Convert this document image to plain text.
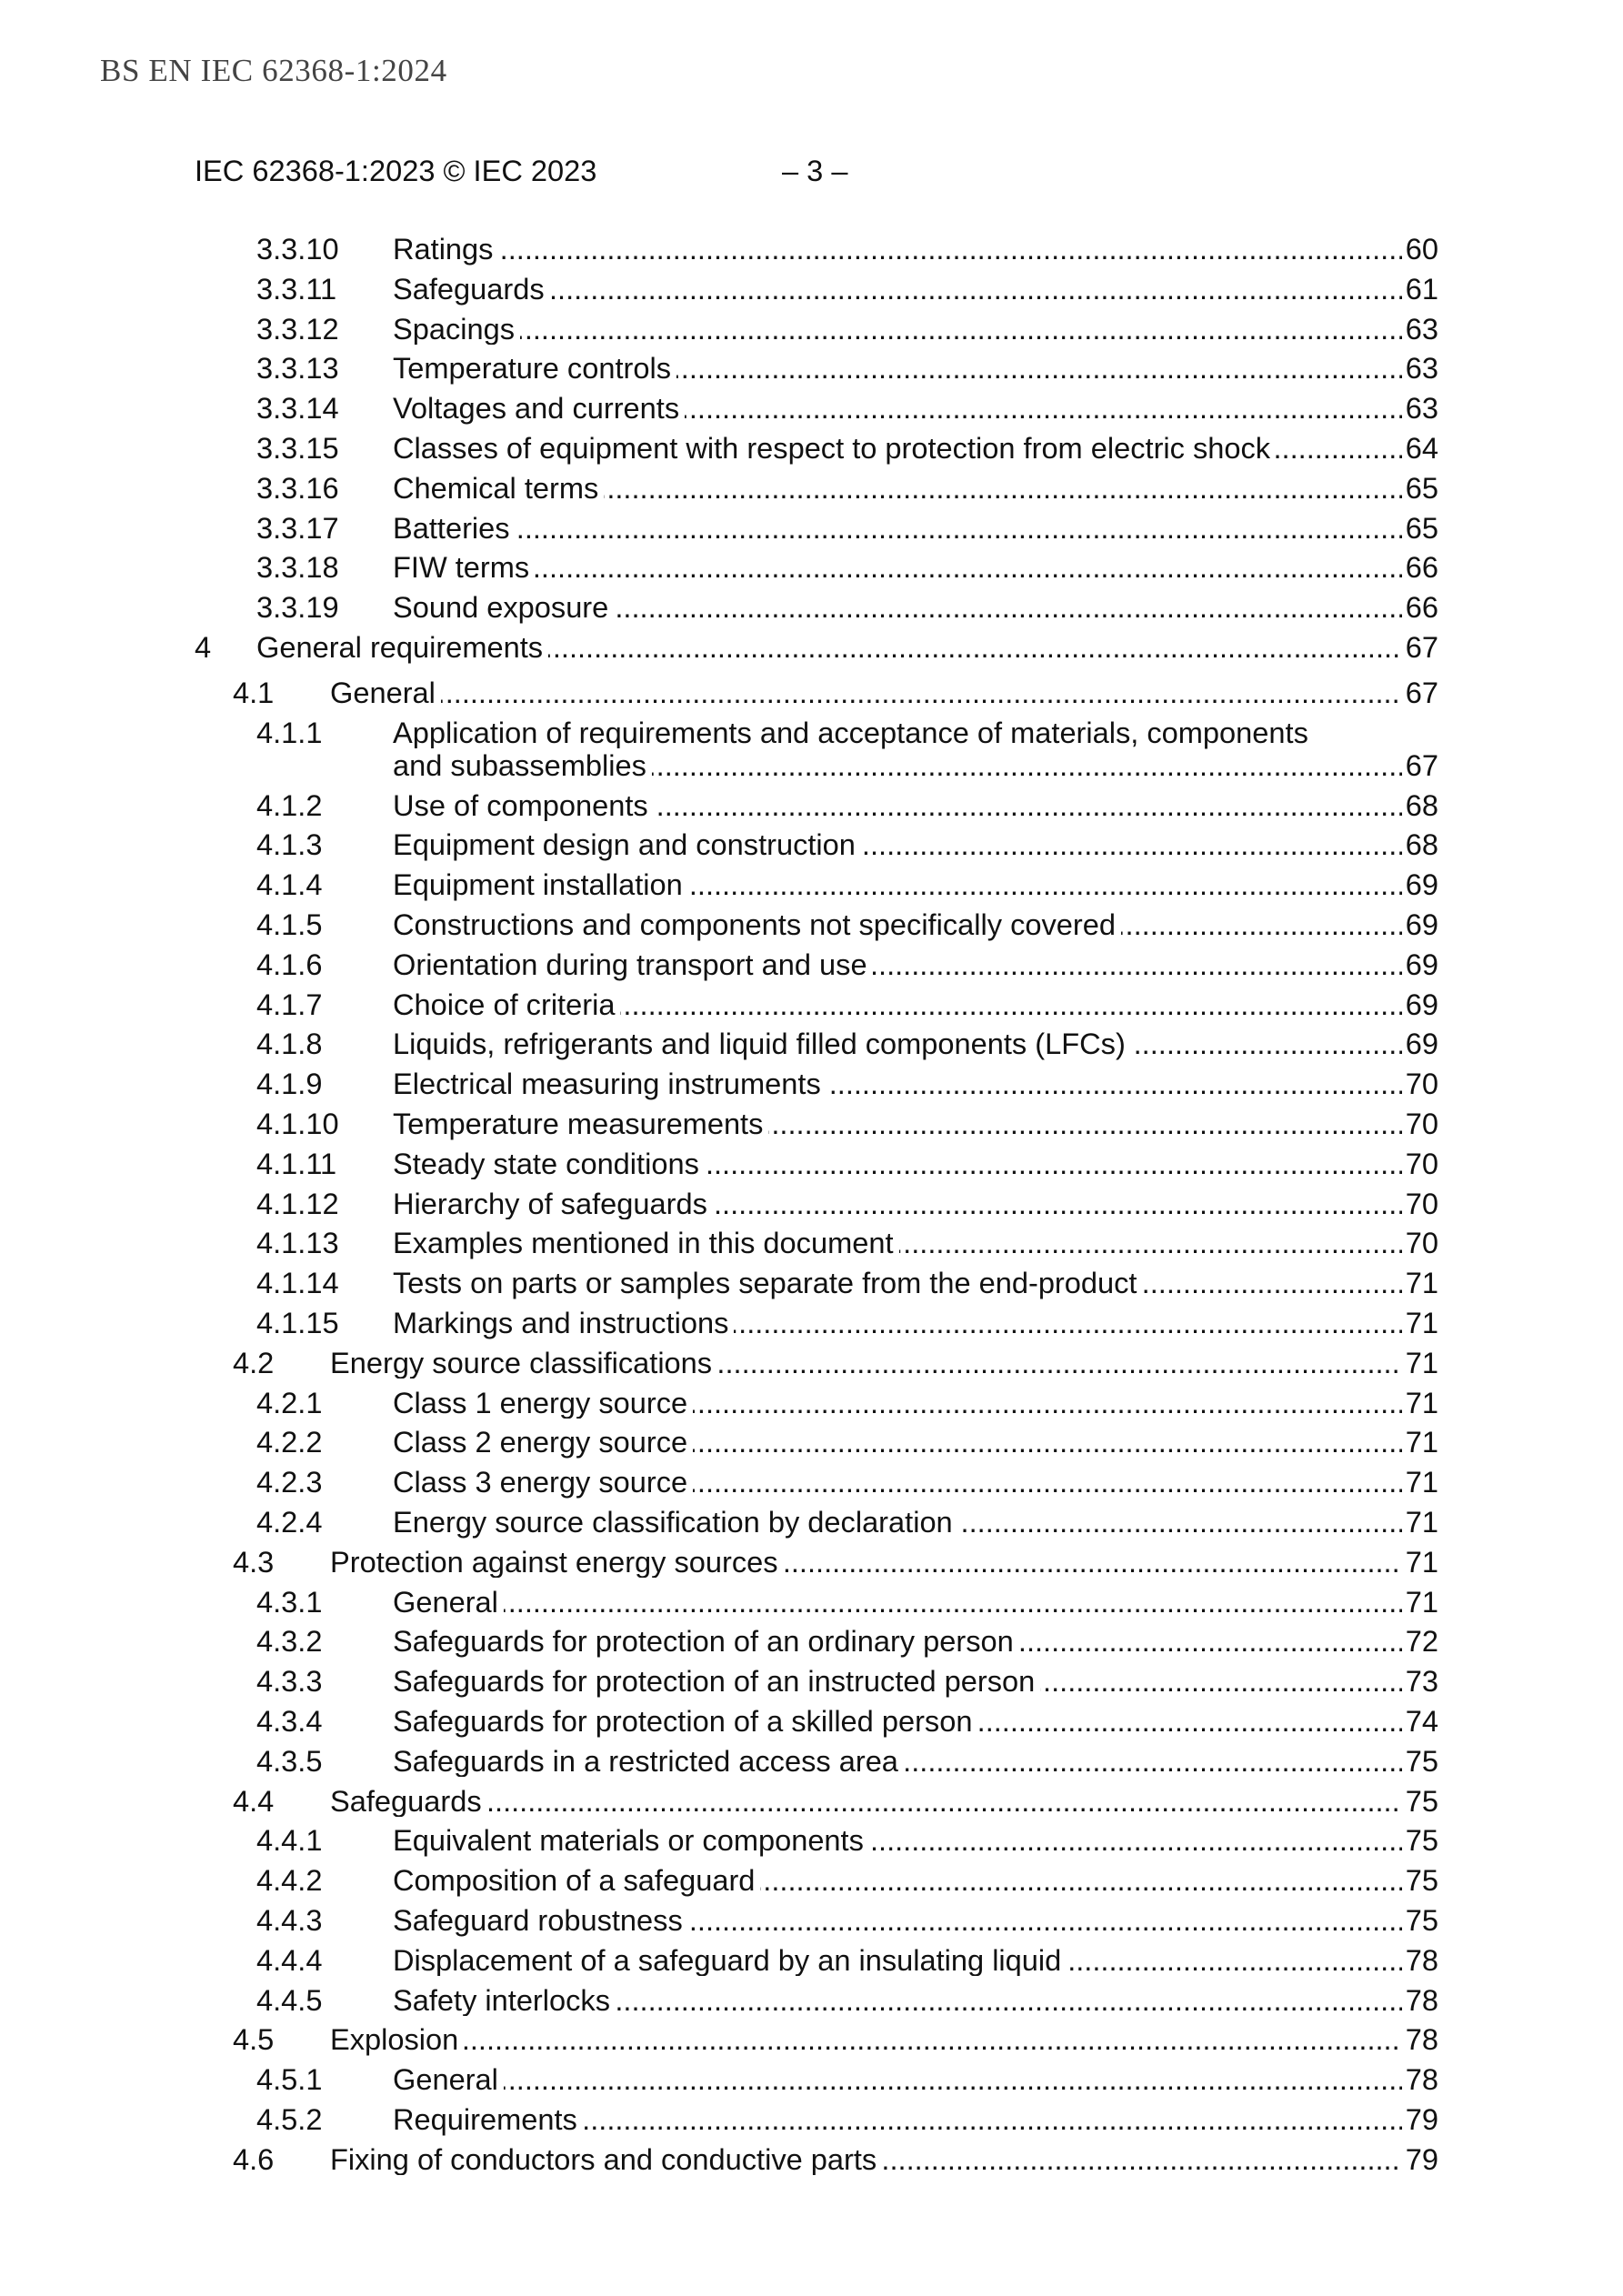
BS EN IEC 62368-1:2024
IEC 62368-1:2023 © IEC 2023	– 3 –
3.3.10	Ratings .....	60
3.3.11	Safeguards .....	61
3.3.12	Spacings .....	63
3.3.13	Temperature controls .....	63
3.3.14	Voltages and currents .....	63
3.3.15	Classes of equipment with respect to protection from electric shock .....	64
3.3.16	Chemical terms .....	65
3.3.17	Batteries .....	65
3.3.18	FIW terms .....	66
3.3.19	Sound exposure .....	66
4	General requirements .....	67
4.1	General .....	67
4.1.1	Application of requirements and acceptance of materials, components and subassemblies .....	67
4.1.2	Use of components .....	68
4.1.3	Equipment design and construction .....	68
4.1.4	Equipment installation .....	69
4.1.5	Constructions and components not specifically covered .....	69
4.1.6	Orientation during transport and use .....	69
4.1.7	Choice of criteria .....	69
4.1.8	Liquids, refrigerants and liquid filled components (LFCs) .....	69
4.1.9	Electrical measuring instruments .....	70
4.1.10	Temperature measurements .....	70
4.1.11	Steady state conditions .....	70
4.1.12	Hierarchy of safeguards .....	70
4.1.13	Examples mentioned in this document .....	70
4.1.14	Tests on parts or samples separate from the end-product .....	71
4.1.15	Markings and instructions .....	71
4.2	Energy source classifications .....	71
4.2.1	Class 1 energy source .....	71
4.2.2	Class 2 energy source .....	71
4.2.3	Class 3 energy source .....	71
4.2.4	Energy source classification by declaration .....	71
4.3	Protection against energy sources .....	71
4.3.1	General .....	71
4.3.2	Safeguards for protection of an ordinary person .....	72
4.3.3	Safeguards for protection of an instructed person .....	73
4.3.4	Safeguards for protection of a skilled person .....	74
4.3.5	Safeguards in a restricted access area .....	75
4.4	Safeguards .....	75
4.4.1	Equivalent materials or components .....	75
4.4.2	Composition of a safeguard .....	75
4.4.3	Safeguard robustness .....	75
4.4.4	Displacement of a safeguard by an insulating liquid .....	78
4.4.5	Safety interlocks .....	78
4.5	Explosion .....	78
4.5.1	General .....	78
4.5.2	Requirements .....	79
4.6	Fixing of conductors and conductive parts .....	79
